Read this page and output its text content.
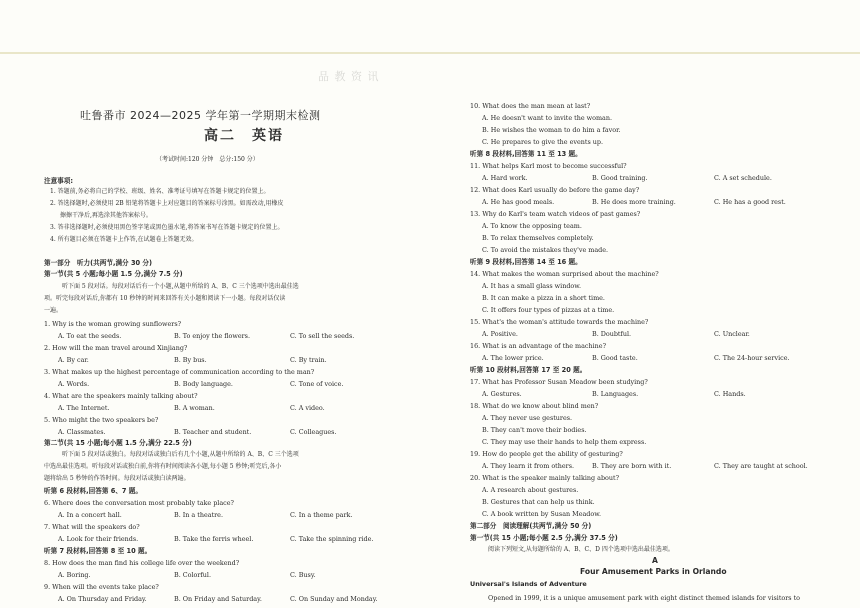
品 教 资 讯
吐鲁番市 2024—2025 学年第一学期期末检测
高二　英语
（考试时间:120 分钟　总分:150 分）
注意事项:
1. 答题前,务必将自己的学校、班级、姓名、准考证号填写在答题卡规定的位置上。
2. 答选择题时,必须使用 2B 铅笔将答题卡上对应题目的答案标号涂黑。如需改动,用橡皮
擦擦干净后,再选涂其他答案标号。
3. 答非选择题时,必须使用黑色签字笔或黑色墨水笔,将答案书写在答题卡规定的位置上。
4. 所有题目必须在答题卡上作答,在试题卷上答题无效。
第一部分　听力(共两节,满分 30 分)
第一节(共 5 小题;每小题 1.5 分,满分 7.5 分)
听下面 5 段对话。每段对话后有一个小题,从题中所给的 A、B、C 三个选项中选出最佳选
项。听完每段对话后,你都有 10 秒钟的时间来回答有关小题和阅读下一小题。每段对话仅读
一遍。
1. Why is the woman growing sunflowers?
A. To eat the seeds.	B. To enjoy the flowers.	C. To sell the seeds.
2. How will the man travel around Xinjiang?
A. By car.	B. By bus.	C. By train.
3. What makes up the highest percentage of communication according to the man?
A. Words.	B. Body language.	C. Tone of voice.
4. What are the speakers mainly talking about?
A. The Internet.	B. A woman.	C. A video.
5. Who might the two speakers be?
A. Classmates.	B. Teacher and student.	C. Colleagues.
第二节(共 15 小题;每小题 1.5 分,满分 22.5 分)
听下面 5 段对话或独白。每段对话或独白后有几个小题,从题中所给的 A、B、C 三个选项
中选出最佳选项。听每段对话或独白前,你将有时间阅读各小题,每小题 5 秒钟;听完后,各小
题将给出 5 秒钟的作答时间。每段对话或独白读两遍。
听第 6 段材料,回答第 6、7 题。
6. Where does the conversation most probably take place?
A. In a concert hall.	B. In a theatre.	C. In a theme park.
7. What will the speakers do?
A. Look for their friends.	B. Take the ferris wheel.	C. Take the spinning ride.
听第 7 段材料,回答第 8 至 10 题。
8. How does the man find his college life over the weekend?
A. Boring.	B. Colorful.	C. Busy.
9. When will the events take place?
A. On Thursday and Friday.	B. On Friday and Saturday.	C. On Sunday and Monday.
10. What does the man mean at last?
A. He doesn't want to invite the woman.
B. He wishes the woman to do him a favor.
C. He prepares to give the events up.
听第 8 段材料,回答第 11 至 13 题。
11. What helps Karl most to become successful?
A. Hard work.	B. Good training.	C. A set schedule.
12. What does Karl usually do before the game day?
A. He has good meals.	B. He does more training.	C. He has a good rest.
13. Why do Karl's team watch videos of past games?
A. To know the opposing team.
B. To relax themselves completely.
C. To avoid the mistakes they've made.
听第 9 段材料,回答第 14 至 16 题。
14. What makes the woman surprised about the machine?
A. It has a small glass window.
B. It can make a pizza in a short time.
C. It offers four types of pizzas at a time.
15. What's the woman's attitude towards the machine?
A. Positive.	B. Doubtful.	C. Unclear.
16. What is an advantage of the machine?
A. The lower price.	B. Good taste.	C. The 24-hour service.
听第 10 段材料,回答第 17 至 20 题。
17. What has Professor Susan Meadow been studying?
A. Gestures.	B. Languages.	C. Hands.
18. What do we know about blind men?
A. They never use gestures.
B. They can't move their bodies.
C. They may use their hands to help them express.
19. How do people get the ability of gesturing?
A. They learn it from others.	B. They are born with it.	C. They are taught at school.
20. What is the speaker mainly talking about?
A. A research about gestures.
B. Gestures that can help us think.
C. A book written by Susan Meadow.
第二部分　阅读理解(共两节,满分 50 分)
第一节(共 15 小题;每小题 2.5 分,满分 37.5 分)
阅读下列短文,从每题所给的 A、B、C、D 四个选项中选出最佳选项。
A
Four Amusement Parks in Orlando
Universal's Islands of Adventure
Opened in 1999, it is a unique amusement park with eight distinct themed islands for visitors to
